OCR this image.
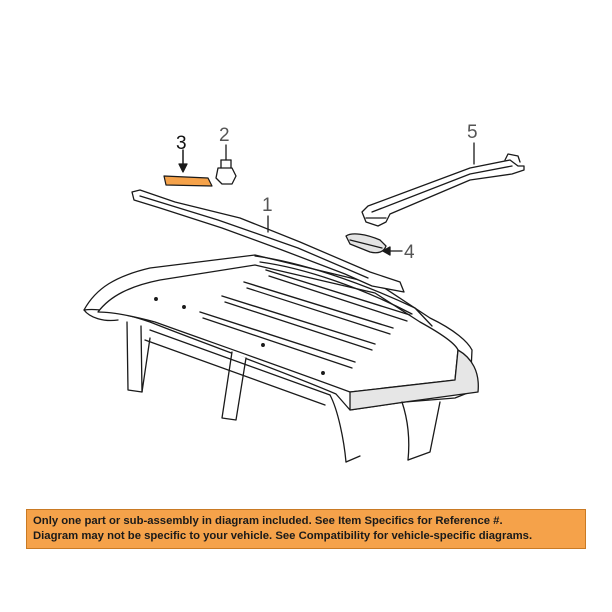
1
2
3
4
5
Only one part or sub-assembly in diagram included. See Item Specifics for Reference #.
Diagram may not be specific to your vehicle. See Compatibility for vehicle-specific diagrams.
